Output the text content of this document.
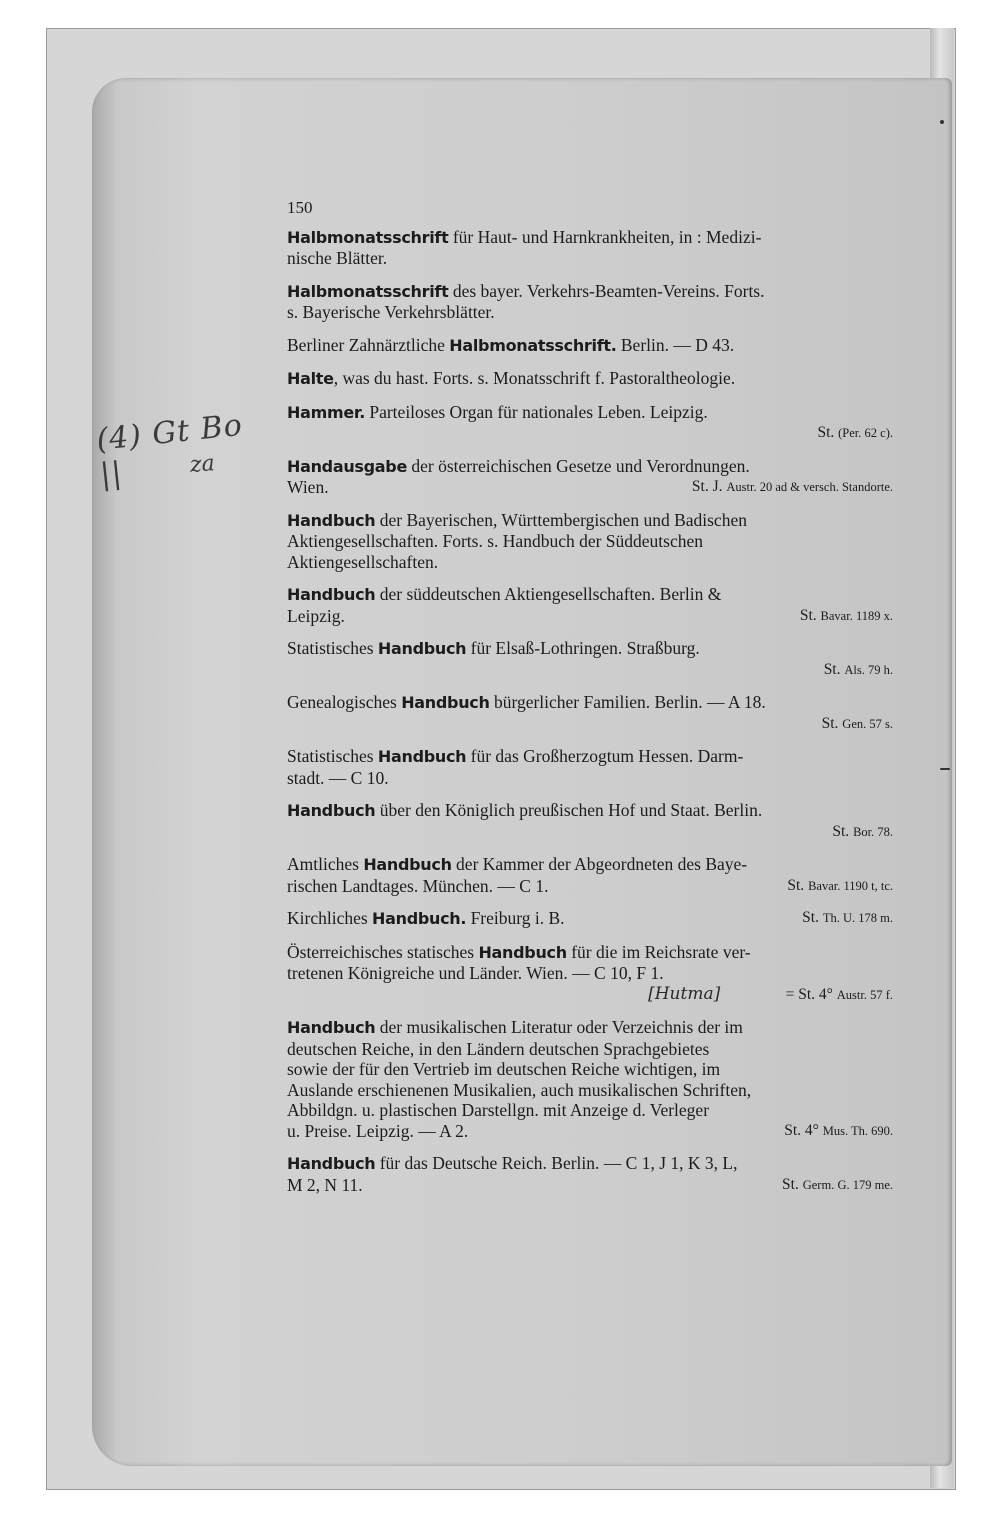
(4) Gt Bo ||	za
150
Halbmonatsschrift für Haut- und Harnkrankheiten, in : Medizi-
nische Blätter.
Halbmonatsschrift des bayer. Verkehrs-Beamten-Vereins. Forts.
s. Bayerische Verkehrsblätter.
Berliner Zahnärztliche Halbmonatsschrift. Berlin. — D 43.
Halte, was du hast. Forts. s. Monatsschrift f. Pastoraltheologie.
Hammer. Parteiloses Organ für nationales Leben. Leipzig.
St. (Per. 62 c).
Handausgabe der österreichischen Gesetze und Verordnungen.
St. J. Austr. 20 ad & versch. Standorte.
Wien.
Handbuch der Bayerischen, Württembergischen und Badischen
Aktiengesellschaften. Forts. s. Handbuch der Süddeutschen
Aktiengesellschaften.
Handbuch der süddeutschen Aktiengesellschaften. Berlin &
St. Bavar. 1189 x.
Leipzig.
Statistisches Handbuch für Elsaß-Lothringen. Straßburg.
St. Als. 79 h.
Genealogisches Handbuch bürgerlicher Familien. Berlin. — A 18.
St. Gen. 57 s.
Statistisches Handbuch für das Großherzogtum Hessen. Darm-
stadt. — C 10.
Handbuch über den Königlich preußischen Hof und Staat. Berlin.
St. Bor. 78.
Amtliches Handbuch der Kammer der Abgeordneten des Baye-
St. Bavar. 1190 t, tc.
rischen Landtages. München. — C 1.
St. Th. U. 178 m.
Kirchliches Handbuch. Freiburg i. B.
Österreichisches statisches Handbuch für die im Reichsrate ver-
tretenen Königreiche und Länder. Wien. — C 10, F 1.
[Hutma]	= St. 4° Austr. 57 f.
Handbuch der musikalischen Literatur oder Verzeichnis der im
deutschen Reiche, in den Ländern deutschen Sprachgebietes
sowie der für den Vertrieb im deutschen Reiche wichtigen, im
Auslande erschienenen Musikalien, auch musikalischen Schriften,
Abbildgn. u. plastischen Darstellgn. mit Anzeige d. Verleger
St. 4° Mus. Th. 690.
u. Preise. Leipzig. — A 2.
Handbuch für das Deutsche Reich. Berlin. — C 1, J 1, K 3, L,
St. Germ. G. 179 me.
M 2, N 11.
